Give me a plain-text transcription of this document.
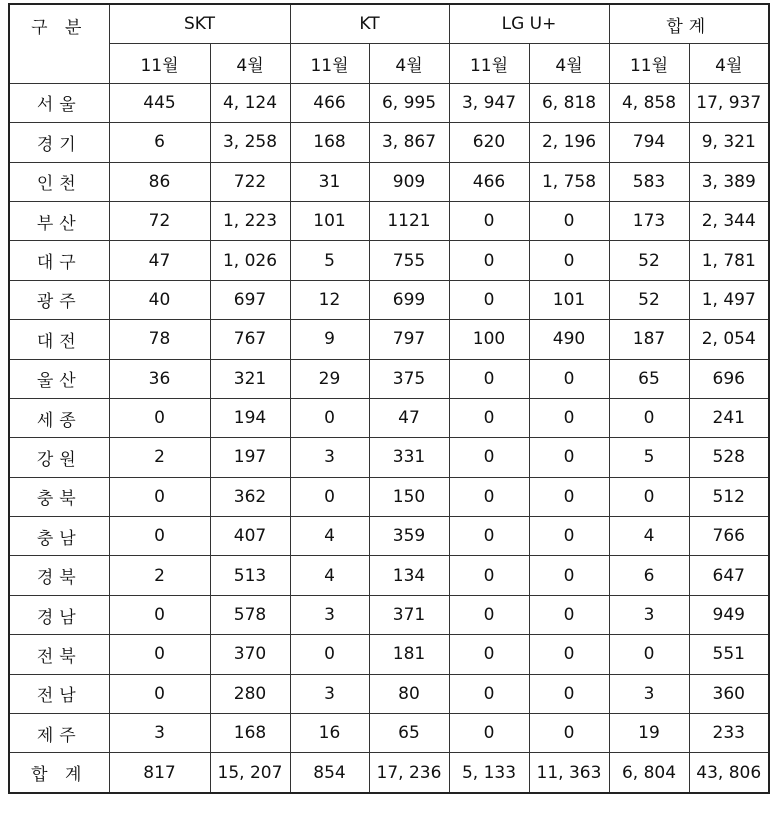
구 분	SKT		KT		LG U+		합계	
	11월	4월	11월	4월	11월	4월	11월	4월
서울	445	4, 124	466	6, 995	3, 947	6, 818	4, 858	17, 937
경기	6	3, 258	168	3, 867	620	2, 196	794	9, 321
인천	86	722	31	909	466	1, 758	583	3, 389
부산	72	1, 223	101	1121	0	0	173	2, 344
대구	47	1, 026	5	755	0	0	52	1, 781
광주	40	697	12	699	0	101	52	1, 497
대전	78	767	9	797	100	490	187	2, 054
울산	36	321	29	375	0	0	65	696
세종	0	194	0	47	0	0	0	241
강원	2	197	3	331	0	0	5	528
충북	0	362	0	150	0	0	0	512
충남	0	407	4	359	0	0	4	766
경북	2	513	4	134	0	0	6	647
경남	0	578	3	371	0	0	3	949
전북	0	370	0	181	0	0	0	551
전남	0	280	3	80	0	0	3	360
제주	3	168	16	65	0	0	19	233
합 계	817	15, 207	854	17, 236	5, 133	11, 363	6, 804	43, 806
